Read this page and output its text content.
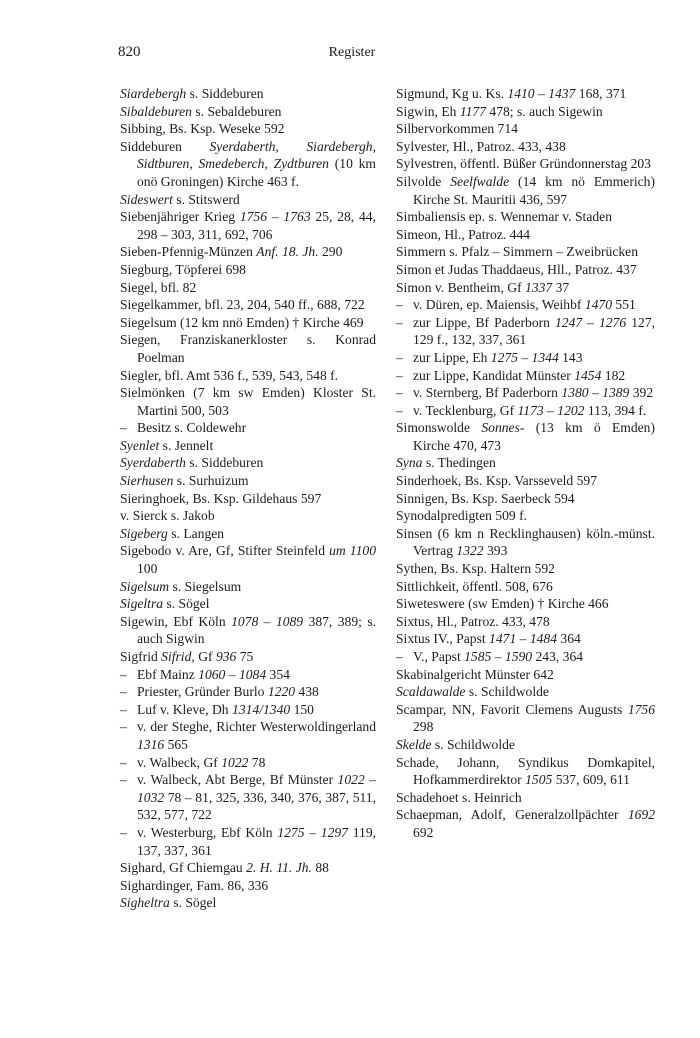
820	Register

Siardebergh s. Siddeburen

Sibaldeburen s. Sebaldeburen

Sibbing, Bs. Ksp. Weseke 592

Siddeburen Syerdaberth, Siardebergh, Sidtburen, Smedeberch, Zydtburen (10 km onö Groningen) Kirche 463 f.

Sideswert s. Stitswerd

Siebenjähriger Krieg 1756 – 1763 25, 28, 44, 298 – 303, 311, 692, 706

Sieben-Pfennig-Münzen Anf. 18. Jh. 290

Siegburg, Töpferei 698

Siegel, bfl. 82

Siegelkammer, bfl. 23, 204, 540 ff., 688, 722

Siegelsum (12 km nnö Emden) † Kirche 469

Siegen, Franziskanerkloster s. Konrad Poelman

Siegler, bfl. Amt 536 f., 539, 543, 548 f.

Sielmönken (7 km sw Emden) Kloster St. Martini 500, 503

–Besitz s. Coldewehr

Syenlet s. Jennelt

Syerdaberth s. Siddeburen

Sierhusen s. Surhuizum

Sieringhoek, Bs. Ksp. Gildehaus 597

v. Sierck s. Jakob

Sigeberg s. Langen

Sigebodo v. Are, Gf, Stifter Steinfeld um 1100 100

Sigelsum s. Siegelsum

Sigeltra s. Sögel

Sigewin, Ebf Köln 1078 – 1089 387, 389; s. auch Sigwin

Sigfrid Sifrid, Gf 936 75

–Ebf Mainz 1060 – 1084 354

–Priester, Gründer Burlo 1220 438

–Luf v. Kleve, Dh 1314/1340 150

–v. der Steghe, Richter Westerwoldingerland 1316 565

–v. Walbeck, Gf 1022 78

–v. Walbeck, Abt Berge, Bf Münster 1022 – 1032 78 – 81, 325, 336, 340, 376, 387, 511, 532, 577, 722

–v. Westerburg, Ebf Köln 1275 – 1297 119, 137, 337, 361

Sighard, Gf Chiemgau 2. H. 11. Jh. 88

Sighardinger, Fam. 86, 336

Sigheltra s. Sögel

Sigmund, Kg u. Ks. 1410 – 1437 168, 371

Sigwin, Eh 1177 478; s. auch Sigewin

Silbervorkommen 714

Sylvester, Hl., Patroz. 433, 438

Sylvestren, öffentl. Büßer Gründonnerstag 203

Silvolde Seelfwalde (14 km nö Emmerich) Kirche St. Mauritii 436, 597

Simbaliensis ep. s. Wennemar v. Staden

Simeon, Hl., Patroz. 444

Simmern s. Pfalz – Simmern – Zweibrücken

Simon et Judas Thaddaeus, Hll., Patroz. 437

Simon v. Bentheim, Gf 1337 37

–v. Düren, ep. Maiensis, Weihbf 1470 551

–zur Lippe, Bf Paderborn 1247 – 1276 127, 129 f., 132, 337, 361

–zur Lippe, Eh 1275 – 1344 143

–zur Lippe, Kandidat Münster 1454 182

–v. Sternberg, Bf Paderborn 1380 – 1389 392

–v. Tecklenburg, Gf 1173 – 1202 113, 394 f.

Simonswolde Sonnes- (13 km ö Emden) Kirche 470, 473

Syna s. Thedingen

Sinderhoek, Bs. Ksp. Varsseveld 597

Sinnigen, Bs. Ksp. Saerbeck 594

Synodalpredigten 509 f.

Sinsen (6 km n Recklinghausen) köln.-münst. Vertrag 1322 393

Sythen, Bs. Ksp. Haltern 592

Sittlichkeit, öffentl. 508, 676

Siweteswere (sw Emden) † Kirche 466

Sixtus, Hl., Patroz. 433, 478

Sixtus IV., Papst 1471 – 1484 364

–V., Papst 1585 – 1590 243, 364

Skabinalgericht Münster 642

Scaldawalde s. Schildwolde

Scampar, NN, Favorit Clemens Augusts 1756 298

Skelde s. Schildwolde

Schade, Johann, Syndikus Domkapitel, Hofkammerdirektor 1505 537, 609, 611

Schadehoet s. Heinrich

Schaepman, Adolf, Generalzollpächter 1692 692
